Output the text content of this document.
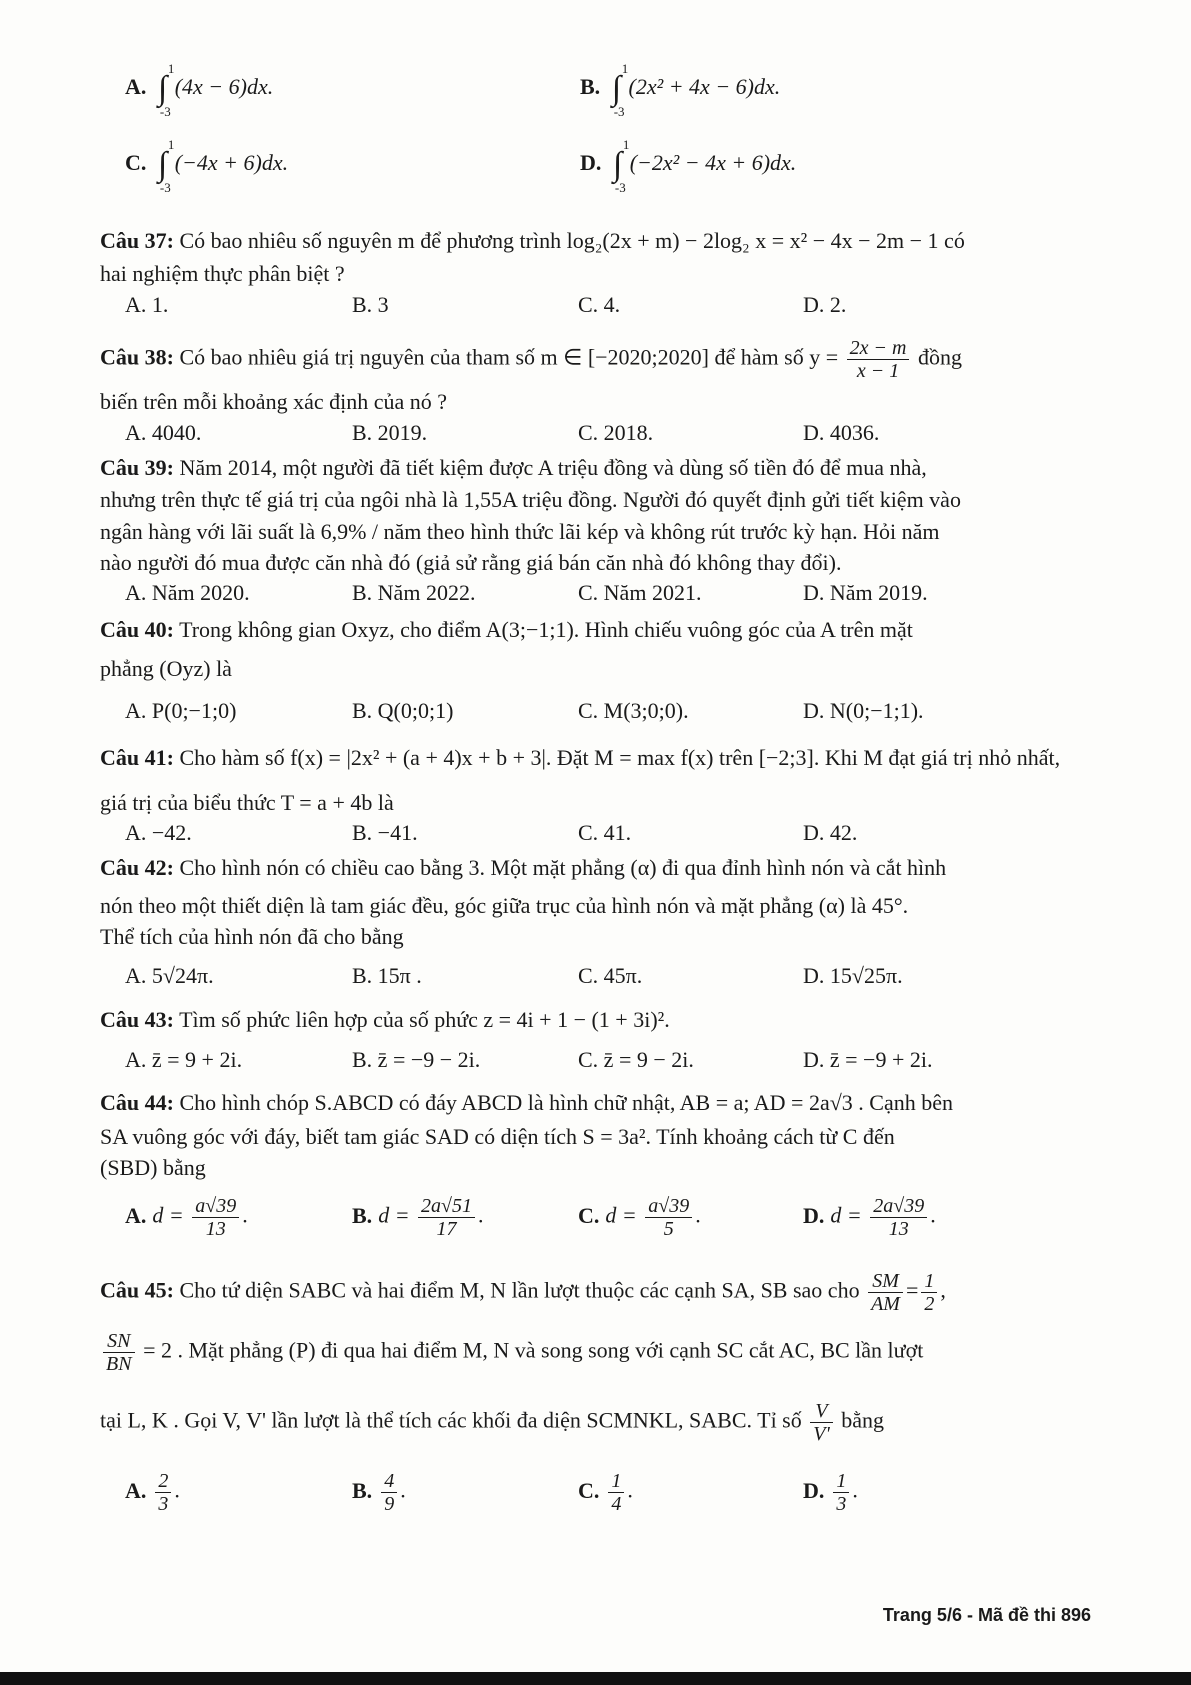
A. ∫
1
-3
(4x − 6)dx.	B. ∫
1
-3
(2x² + 4x − 6)dx.
C. ∫
1
-3
(−4x + 6)dx.	D. ∫
1
-3
(−2x² − 4x + 6)dx.
Câu 37: Có bao nhiêu số nguyên m để phương trình log₂(2x + m) − 2log₂ x = x² − 4x − 2m − 1 có
hai nghiệm thực phân biệt ?
A. 1.	B. 3	C. 4.	D. 2.
Câu 38: Có bao nhiêu giá trị nguyên của tham số m ∈ [−2020;2020] để hàm số $y = \frac{2x - m}{x - 1}$ đồng
biến trên mỗi khoảng xác định của nó ?
A. 4040.	B. 2019.	C. 2018.	D. 4036.
Câu 39: Năm 2014, một người đã tiết kiệm được A triệu đồng và dùng số tiền đó để mua nhà,
nhưng trên thực tế giá trị của ngôi nhà là 1,55A triệu đồng. Người đó quyết định gửi tiết kiệm vào
ngân hàng với lãi suất là 6,9% / năm theo hình thức lãi kép và không rút trước kỳ hạn. Hỏi năm
nào người đó mua được căn nhà đó (giả sử rằng giá bán căn nhà đó không thay đổi).
A. Năm 2020.	B. Năm 2022.	C. Năm 2021.	D. Năm 2019.
Câu 40: Trong không gian Oxyz, cho điểm A(3;−1;1). Hình chiếu vuông góc của A trên mặt
phẳng (Oyz) là
A. P(0;−1;0)	B. Q(0;0;1)	C. M(3;0;0).	D. N(0;−1;1).
Câu 41: Cho hàm số f(x) = |2x² + (a + 4)x + b + 3|. Đặt M = max f(x) trên [−2;3]. Khi M đạt giá trị nhỏ nhất,
giá trị của biểu thức T = a + 4b là
A. −42.	B. −41.	C. 41.	D. 42.
Câu 42: Cho hình nón có chiều cao bằng 3. Một mặt phẳng (α) đi qua đỉnh hình nón và cắt hình
nón theo một thiết diện là tam giác đều, góc giữa trục của hình nón và mặt phẳng (α) là 45°.
Thể tích của hình nón đã cho bằng
A. 5√24π.	B. 15π .	C. 45π.	D. 15√25π.
Câu 43: Tìm số phức liên hợp của số phức z = 4i + 1 − (1 + 3i)².
A. z̄ = 9 + 2i.	B. z̄ = −9 − 2i.	C. z̄ = 9 − 2i.	D. z̄ = −9 + 2i.
Câu 44: Cho hình chóp S.ABCD có đáy ABCD là hình chữ nhật, AB = a; AD = 2a√3 . Cạnh bên
SA vuông góc với đáy, biết tam giác SAD có diện tích S = 3a². Tính khoảng cách từ C đến
(SBD) bằng
A. $d = \frac{a√39}{13}$ .	B. $d = \frac{2a√51}{17}$ .	C. $d = \frac{a√39}{5}$ .	D. $d = \frac{2a√39}{13}$ .
Câu 45: Cho tứ diện SABC và hai điểm M, N lần lượt thuộc các cạnh SA, SB sao cho $\frac{SM}{AM} = \frac{1}{2}$ ,
$\frac{SN}{BN} = 2$ . Mặt phẳng (P) đi qua hai điểm M, N và song song với cạnh SC cắt AC, BC lần lượt
tại L, K . Gọi V, V' lần lượt là thể tích các khối đa diện SCMNKL, SABC. Tỉ số $\frac{V}{V'}$ bằng
A. $\frac{2}{3}$ .	B. $\frac{4}{9}$ .	C. $\frac{1}{4}$ .	D. $\frac{1}{3}$ .
Trang 5/6 - Mã đề thi 896
